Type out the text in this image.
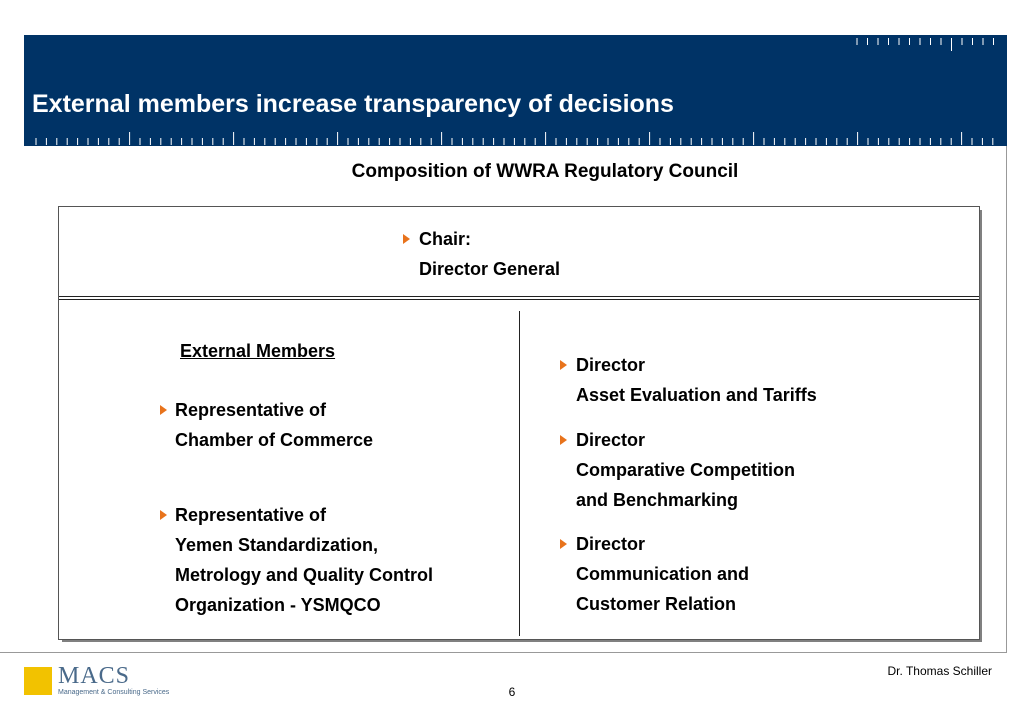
External members increase transparency of decisions
Composition of WWRA Regulatory Council
Chair:
Director General
External Members
Representative of
Chamber of Commerce
Representative of
Yemen Standardization,
Metrology and Quality Control
Organization - YSMQCO
Director
Asset Evaluation and Tariffs
Director
Comparative Competition
and Benchmarking
Director
Communication and
Customer Relation
MACS
Management & Consulting Services
Dr. Thomas Schiller
6
